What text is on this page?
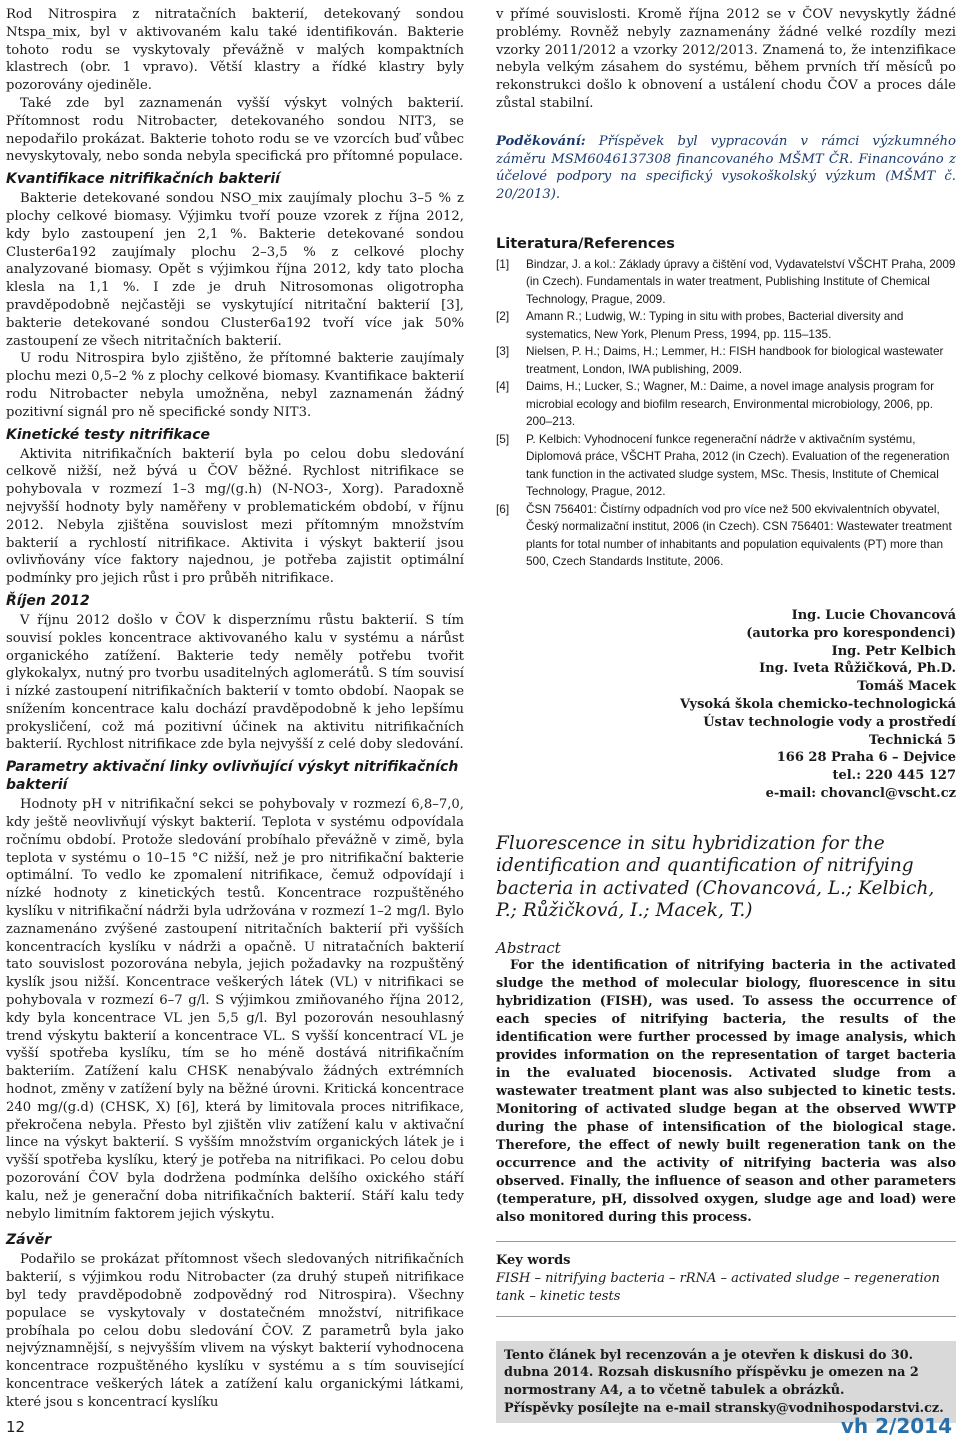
Rod Nitrospira z nitratačních bakterií, detekovaný sondou Ntspa_mix, byl v aktivovaném kalu také identifikován. Bakterie tohoto rodu se vyskytovaly převážně v malých kompaktních klastrech (obr. 1 vpravo). Větší klastry a řídké klastry byly pozorovány ojediněle.

Také zde byl zaznamenán vyšší výskyt volných bakterií. Přítomnost rodu Nitrobacter, detekovaného sondou NIT3, se nepodařilo prokázat. Bakterie tohoto rodu se ve vzorcích buď vůbec nevyskytovaly, nebo sonda nebyla specifická pro přítomné populace.

Kvantifikace nitrifikačních bakterií

Bakterie detekované sondou NSO_mix zaujímaly plochu 3–5 % z plochy celkové biomasy. Výjimku tvoří pouze vzorek z října 2012, kdy bylo zastoupení jen 2,1 %. Bakterie detekované sondou Cluster6a192 zaujímaly plochu 2–3,5 % z celkové plochy analyzované biomasy. Opět s výjimkou října 2012, kdy tato plocha klesla na 1,1 %. I zde je druh Nitrosomonas oligotropha pravděpodobně nejčastěji se vyskytující nitritační bakterií [3], bakterie detekované sondou Cluster6a192 tvoří více jak 50% zastoupení ze všech nitritačních bakterií.

U rodu Nitrospira bylo zjištěno, že přítomné bakterie zaujímaly plochu mezi 0,5–2 % z plochy celkové biomasy. Kvantifikace bakterií rodu Nitrobacter nebyla umožněna, nebyl zaznamenán žádný pozitivní signál pro ně specifické sondy NIT3.

Kinetické testy nitrifikace

Aktivita nitrifikačních bakterií byla po celou dobu sledování celkově nižší, než bývá u ČOV běžné. Rychlost nitrifikace se pohybovala v rozmezí 1–3 mg/(g.h) (N-NO3-, Xorg). Paradoxně nejvyšší hodnoty byly naměřeny v problematickém období, v říjnu 2012. Nebyla zjištěna souvislost mezi přítomným množstvím bakterií a rychlostí nitrifikace. Aktivita i výskyt bakterií jsou ovlivňovány více faktory najednou, je potřeba zajistit optimální podmínky pro jejich růst i pro průběh nitrifikace.

Říjen 2012

V říjnu 2012 došlo v ČOV k disperznímu růstu bakterií. S tím souvisí pokles koncentrace aktivovaného kalu v systému a nárůst organického zatížení. Bakterie tedy neměly potřebu tvořit glykokalyx, nutný pro tvorbu usaditelných aglomerátů. S tím souvisí i nízké zastoupení nitrifikačních bakterií v tomto období. Naopak se snížením koncentrace kalu dochází pravděpodobně k jeho lepšímu prokysličení, což má pozitivní účinek na aktivitu nitrifikačních bakterií. Rychlost nitrifikace zde byla nejvyšší z celé doby sledování.

Parametry aktivační linky ovlivňující výskyt nitrifikačních bakterií

Hodnoty pH v nitrifikační sekci se pohybovaly v rozmezí 6,8–7,0, kdy ještě neovlivňují výskyt bakterií. Teplota v systému odpovídala ročnímu období. Protože sledování probíhalo převážně v zimě, byla teplota v systému o 10–15 °C nižší, než je pro nitrifikační bakterie optimální. To vedlo ke zpomalení nitrifikace, čemuž odpovídají i nízké hodnoty z kinetických testů. Koncentrace rozpuštěného kyslíku v nitrifikační nádrži byla udržována v rozmezí 1–2 mg/l. Bylo zaznamenáno zvýšené zastoupení nitritačních bakterií při vyšších koncentracích kyslíku v nádrži a opačně. U nitratačních bakterií tato souvislost pozorována nebyla, jejich požadavky na rozpuštěný kyslík jsou nižší. Koncentrace veškerých látek (VL) v nitrifikaci se pohybovala v rozmezí 6–7 g/l. S výjimkou zmiňovaného října 2012, kdy byla koncentrace VL jen 5,5 g/l. Byl pozorován nesouhlasný trend výskytu bakterií a koncentrace VL. S vyšší koncentrací VL je vyšší spotřeba kyslíku, tím se ho méně dostává nitrifikačním bakteriím. Zatížení kalu CHSK nenabývalo žádných extrémních hodnot, změny v zatížení byly na běžné úrovni. Kritická koncentrace 240 mg/(g.d) (CHSK, X) [6], která by limitovala proces nitrifikace, překročena nebyla. Přesto byl zjištěn vliv zatížení kalu v aktivační lince na výskyt bakterií. S vyšším množstvím organických látek je i vyšší spotřeba kyslíku, který je potřeba na nitrifikaci. Po celou dobu pozorování ČOV byla dodržena podmínka delšího oxického stáří kalu, než je generační doba nitrifikačních bakterií. Stáří kalu tedy nebylo limitním faktorem jejich výskytu.

Závěr

Podařilo se prokázat přítomnost všech sledovaných nitrifikačních bakterií, s výjimkou rodu Nitrobacter (za druhý stupeň nitrifikace byl tedy pravděpodobně zodpovědný rod Nitrospira). Všechny populace se vyskytovaly v dostatečném množství, nitrifikace probíhala po celou dobu sledování ČOV. Z parametrů byla jako nejvýznamnější, s nejvyšším vlivem na výskyt bakterií vyhodnocena koncentrace rozpuštěného kyslíku v systému a s tím související koncentrace veškerých látek a zatížení kalu organickými látkami, které jsou s koncentrací kyslíku

v přímé souvislosti. Kromě října 2012 se v ČOV nevyskytly žádné problémy. Rovněž nebyly zaznamenány žádné velké rozdíly mezi vzorky 2011/2012 a vzorky 2012/2013. Znamená to, že intenzifikace nebyla velkým zásahem do systému, během prvních tří měsíců po rekonstrukci došlo k obnovení a ustálení chodu ČOV a proces dále zůstal stabilní.

Poděkování: Příspěvek byl vypracován v rámci výzkumného záměru MSM6046137308 financovaného MŠMT ČR. Financováno z účelové podpory na specifický vysokoškolský výzkum (MŠMT č. 20/2013).

Literatura/References
[1]	Bindzar, J. a kol.: Základy úpravy a čištění vod, Vydavatelství VŠCHT Praha, 2009 (in Czech). Fundamentals in water treatment, Publishing Institute of Chemical Technology, Prague, 2009.
[2]	Amann R.; Ludwig, W.: Typing in situ with probes, Bacterial diversity and systematics, New York, Plenum Press, 1994, pp. 115–135.
[3]	Nielsen, P. H.; Daims, H.; Lemmer, H.: FISH handbook for biological wastewater treatment, London, IWA publishing, 2009.
[4]	Daims, H.; Lucker, S.; Wagner, M.: Daime, a novel image analysis program for microbial ecology and biofilm research, Environmental microbiology, 2006, pp. 200–213.
[5]	P. Kelbich: Vyhodnocení funkce regenerační nádrže v aktivačním systému, Diplomová práce, VŠCHT Praha, 2012 (in Czech). Evaluation of the regeneration tank function in the activated sludge system, MSc. Thesis, Institute of Chemical Technology, Prague, 2012.
[6]	ČSN 756401: Čistírny odpadních vod pro více než 500 ekvivalentních obyvatel, Český normalizační institut, 2006 (in Czech). CSN 756401: Wastewater treatment plants for total number of inhabitants and population equivalents (PT) more than 500, Czech Standards Institute, 2006.
Ing. Lucie Chovancová
(autorka pro korespondenci)
Ing. Petr Kelbich
Ing. Iveta Růžičková, Ph.D.
Tomáš Macek
Vysoká škola chemicko-technologická
Ústav technologie vody a prostředí
Technická 5
166 28 Praha 6 – Dejvice
tel.: 220 445 127
e-mail: chovancl@vscht.cz
Fluorescence in situ hybridization for the identification and quantification of nitrifying bacteria in activated (Chovancová, L.; Kelbich, P.; Růžičková, I.; Macek, T.)
Abstract

For the identification of nitrifying bacteria in the activated sludge the method of molecular biology, fluorescence in situ hybridization (FISH), was used. To assess the occurrence of each species of nitrifying bacteria, the results of the identification were further processed by image analysis, which provides information on the representation of target bacteria in the evaluated biocenosis. Activated sludge from a wastewater treatment plant was also subjected to kinetic tests. Monitoring of activated sludge began at the observed WWTP during the phase of intensification of the biological stage. Therefore, the effect of newly built regeneration tank on the occurrence and the activity of nitrifying bacteria was also observed. Finally, the influence of season and other parameters (temperature, pH, dissolved oxygen, sludge age and load) were also monitored during this process.

Key words
FISH – nitrifying bacteria – rRNA – activated sludge – regeneration tank – kinetic tests
Tento článek byl recenzován a je otevřen k diskusi do 30. dubna 2014. Rozsah diskusního příspěvku je omezen na 2 normostrany A4, a to včetně tabulek a obrázků.
Příspěvky posílejte na e-mail stransky@vodnihospodarstvi.cz.
12	vh 2/2014
